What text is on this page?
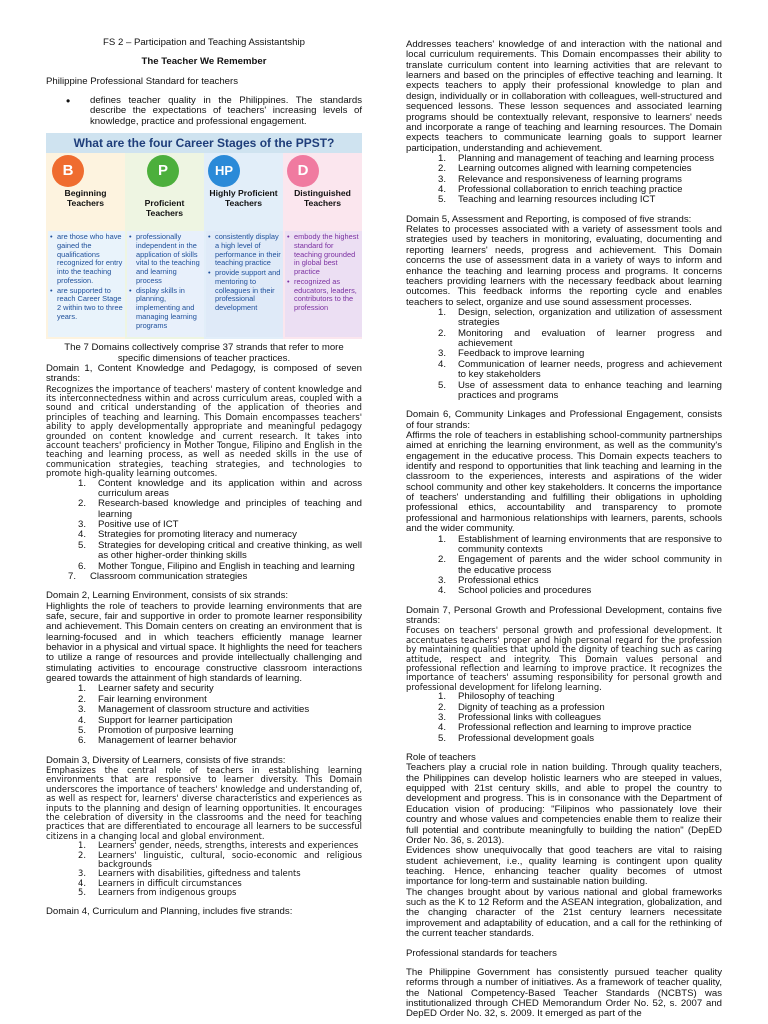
FS 2 – Participation and Teaching Assistantship

The Teacher We Remember

Philippine Professional Standard for teachers

• defines teacher quality in the Philippines. The standards describe the expectations of teachers' increasing levels of knowledge, practice and professional engagement.
What are the four Career Stages of the PPST?
B
Beginning Teachers
• are those who have gained the qualifications recognized for entry into the teaching profession.
• are supported to reach Career Stage 2 within two to three years.
P
Proficient Teachers
• professionally independent in the application of skills vital to the teaching and learning process
• display skills in planning, implementing and managing learning programs
HP
Highly Proficient Teachers
• consistently display a high level of performance in their teaching practice
• provide support and mentoring to colleagues in their professional development
D
Distinguished Teachers
• embody the highest standard for teaching grounded in global best practice
• recognized as educators, leaders, contributors to the profession

The 7 Domains collectively comprise 37 strands that refer to more specific dimensions of teacher practices.

Domain 1, Content Knowledge and Pedagogy, is composed of seven strands:

Recognizes the importance of teachers' mastery of content knowledge and its interconnectedness within and across curriculum areas, coupled with a sound and critical understanding of the application of theories and principles of teaching and learning. This Domain encompasses teachers' ability to apply developmentally appropriate and meaningful pedagogy grounded on content knowledge and current research. It takes into account teachers' proficiency in Mother Tongue, Filipino and English in the teaching and learning process, as well as needed skills in the use of communication strategies, teaching strategies, and technologies to promote high-quality learning outcomes.

1. Content knowledge and its application within and across curriculum areas
2. Research-based knowledge and principles of teaching and learning
3. Positive use of ICT
4. Strategies for promoting literacy and numeracy
5. Strategies for developing critical and creative thinking, as well as other higher-order thinking skills
6. Mother Tongue, Filipino and English in teaching and learning
7. Classroom communication strategies

Domain 2, Learning Environment, consists of six strands:

Highlights the role of teachers to provide learning environments that are safe, secure, fair and supportive in order to promote learner responsibility and achievement. This Domain centers on creating an environment that is learning-focused and in which teachers efficiently manage learner behavior in a physical and virtual space. It highlights the need for teachers to utilize a range of resources and provide intellectually challenging and stimulating activities to encourage constructive classroom interactions geared towards the attainment of high standards of learning.

1. Learner safety and security
2. Fair learning environment
3. Management of classroom structure and activities
4. Support for learner participation
5. Promotion of purposive learning
6. Management of learner behavior

Domain 3, Diversity of Learners, consists of five strands:

Emphasizes the central role of teachers in establishing learning environments that are responsive to learner diversity. This Domain underscores the importance of teachers' knowledge and understanding of, as well as respect for, learners' diverse characteristics and experiences as inputs to the planning and design of learning opportunities. It encourages the celebration of diversity in the classrooms and the need for teaching practices that are differentiated to encourage all learners to be successful citizens in a changing local and global environment.

1. Learners' gender, needs, strengths, interests and experiences
2. Learners' linguistic, cultural, socio-economic and religious backgrounds
3. Learners with disabilities, giftedness and talents
4. Learners in difficult circumstances
5. Learners from indigenous groups

Domain 4, Curriculum and Planning, includes five strands:

Addresses teachers' knowledge of and interaction with the national and local curriculum requirements. This Domain encompasses their ability to translate curriculum content into learning activities that are relevant to learners and based on the principles of effective teaching and learning. It expects teachers to apply their professional knowledge to plan and design, individually or in collaboration with colleagues, well-structured and sequenced lessons. These lesson sequences and associated learning programs should be contextually relevant, responsive to learners' needs and incorporate a range of teaching and learning resources. The Domain expects teachers to communicate learning goals to support learner participation, understanding and achievement.

1. Planning and management of teaching and learning process
2. Learning outcomes aligned with learning competencies
3. Relevance and responsiveness of learning programs
4. Professional collaboration to enrich teaching practice
5. Teaching and learning resources including ICT

Domain 5, Assessment and Reporting, is composed of five strands:

Relates to processes associated with a variety of assessment tools and strategies used by teachers in monitoring, evaluating, documenting and reporting learners' needs, progress and achievement. This Domain concerns the use of assessment data in a variety of ways to inform and enhance the teaching and learning process and programs. It concerns teachers providing learners with the necessary feedback about learning outcomes. This feedback informs the reporting cycle and enables teachers to select, organize and use sound assessment processes.

1. Design, selection, organization and utilization of assessment strategies
2. Monitoring and evaluation of learner progress and achievement
3. Feedback to improve learning
4. Communication of learner needs, progress and achievement to key stakeholders
5. Use of assessment data to enhance teaching and learning practices and programs

Domain 6, Community Linkages and Professional Engagement, consists of four strands:

Affirms the role of teachers in establishing school-community partnerships aimed at enriching the learning environment, as well as the community's engagement in the educative process. This Domain expects teachers to identify and respond to opportunities that link teaching and learning in the classroom to the experiences, interests and aspirations of the wider school community and other key stakeholders. It concerns the importance of teachers' understanding and fulfilling their obligations in upholding professional ethics, accountability and transparency to promote professional and harmonious relationships with learners, parents, schools and the wider community.

1. Establishment of learning environments that are responsive to community contexts
2. Engagement of parents and the wider school community in the educative process
3. Professional ethics
4. School policies and procedures

Domain 7, Personal Growth and Professional Development, contains five strands:

Focuses on teachers' personal growth and professional development. It accentuates teachers' proper and high personal regard for the profession by maintaining qualities that uphold the dignity of teaching such as caring attitude, respect and integrity. This Domain values personal and professional reflection and learning to improve practice. It recognizes the importance of teachers' assuming responsibility for personal growth and professional development for lifelong learning.

1. Philosophy of teaching
2. Dignity of teaching as a profession
3. Professional links with colleagues
4. Professional reflection and learning to improve practice
5. Professional development goals

Role of teachers

Teachers play a crucial role in nation building. Through quality teachers, the Philippines can develop holistic learners who are steeped in values, equipped with 21st century skills, and able to propel the country to development and progress. This is in consonance with the Department of Education vision of producing: "Filipinos who passionately love their country and whose values and competencies enable them to realize their full potential and contribute meaningfully to building the nation" (DepED Order No. 36, s. 2013).

Evidences show unequivocally that good teachers are vital to raising student achievement, i.e., quality learning is contingent upon quality teaching. Hence, enhancing teacher quality becomes of utmost importance for long-term and sustainable nation building.

The changes brought about by various national and global frameworks such as the K to 12 Reform and the ASEAN integration, globalization, and the changing character of the 21st century learners necessitate improvement and adaptability of education, and a call for the rethinking of the current teacher standards.

Professional standards for teachers

The Philippine Government has consistently pursued teacher quality reforms through a number of initiatives. As a framework of teacher quality, the National Competency-Based Teacher Standards (NCBTS) was institutionalized through CHED Memorandum Order No. 52, s. 2007 and DepED Order No. 32, s. 2009. It emerged as part of the
